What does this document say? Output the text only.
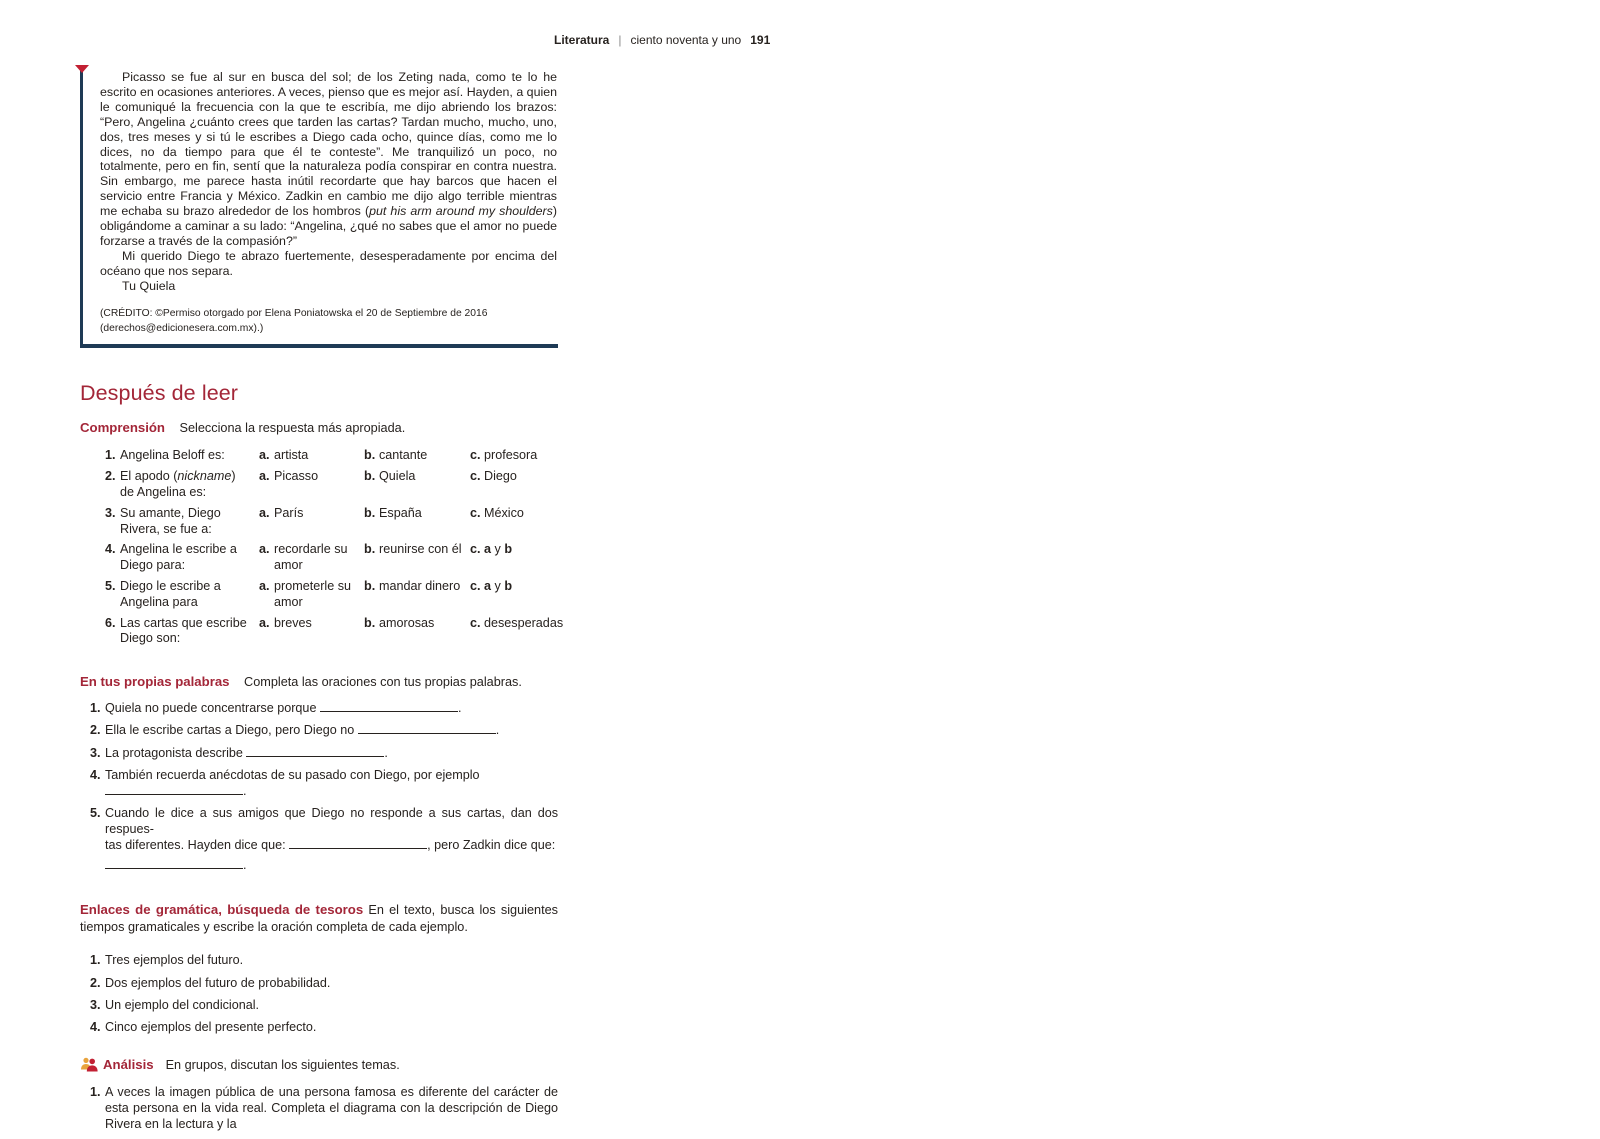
Literatura | ciento noventa y uno 191

Picasso se fue al sur en busca del sol; de los Zeting nada, como te lo he escrito en ocasiones anteriores. A veces, pienso que es mejor así. Hayden, a quien le comuniqué la frecuencia con la que te escribía, me dijo abriendo los brazos: “Pero, Angelina ¿cuánto crees que tarden las cartas? Tardan mucho, mucho, uno, dos, tres meses y si tú le escribes a Diego cada ocho, quince días, como me lo dices, no da tiempo para que él te conteste”. Me tranquilizó un poco, no totalmente, pero en fin, sentí que la naturaleza podía conspirar en contra nuestra. Sin embargo, me parece hasta inútil recordarte que hay barcos que hacen el servicio entre Francia y México. Zadkin en cambio me dijo algo terrible mientras me echaba su brazo alrededor de los hombros (put his arm around my shoulders) obligándome a caminar a su lado: “Angelina, ¿qué no sabes que el amor no puede forzarse a través de la compasión?”

Mi querido Diego te abrazo fuertemente, desesperadamente por encima del océano que nos separa.

Tu Quiela

(CRÉDITO: ©Permiso otorgado por Elena Poniatowska el 20 de Septiembre de 2016 (derechos@edicionesera.com.mx).)

Después de leer
Comprensión Selecciona la respuesta más apropiada.
1. Angelina Beloff es:	a. artista	b. cantante	c. profesora
2. El apodo (nickname) de Angelina es:
a. Picasso	b. Quiela	c. Diego
3. Su amante, Diego Rivera, se fue a:
a. París	b. España	c. México
4. Angelina le escribe a Diego para:
a. recordarle su amor
b. reunirse con él c. a y b
5. Diego le escribe a Angelina para
a. prometerle su amor
b. mandar dinero c. a y b
6. Las cartas que escribe Diego son:
a. breves	b. amorosas	c. desesperadas
En tus propias palabras Completa las oraciones con tus propias palabras.
1. Quiela no puede concentrarse porque	.
2. Ella le escribe cartas a Diego, pero Diego no	.
3. La protagonista describe	.
4. También recuerda anécdotas de su pasado con Diego, por ejemplo .
5. Cuando le dice a sus amigos que Diego no responde a sus cartas, dan dos respues-
tas diferentes. Hayden dice que:	, pero Zadkin dice que:
.

Enlaces de gramática, búsqueda de tesoros En el texto, busca los siguientes tiempos gramaticales y escribe la oración completa de cada ejemplo.

1. Tres ejemplos del futuro.
2. Dos ejemplos del futuro de probabilidad.
3. Un ejemplo del condicional.
4. Cinco ejemplos del presente perfecto.
Análisis En grupos, discutan los siguientes temas.
1. A veces la imagen pública de una persona famosa es diferente del carácter de esta persona en la vida real. Completa el diagrama con la descripción de Diego Rivera en la lectura y la
